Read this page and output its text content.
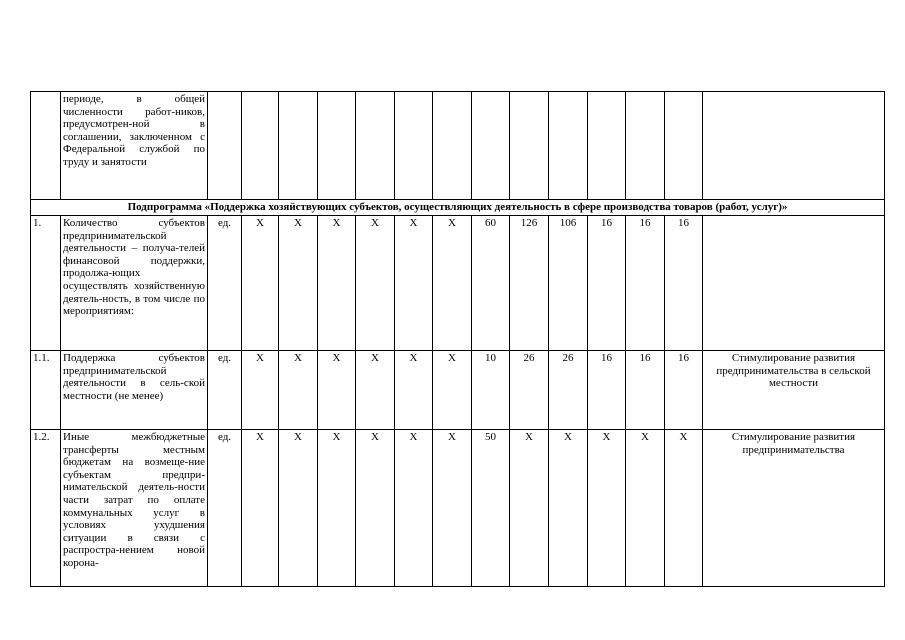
	периоде, в общей численности работ-ников, предусмотрен-ной в соглашении, заключенном с Федеральной службой по труду и занятости														
Подпрограмма «Поддержка хозяйствующих субъектов, осуществляющих деятельность в сфере производства товаров (работ, услуг)»															
1.	Количество субъектов предпринимательской деятельности – получа-телей финансовой поддержки, продолжа-ющих осуществлять хозяйственную деятель-ность, в том числе по мероприятиям:	ед.	Х	Х	Х	Х	Х	Х	60	126	106	16	16	16	
1.1.	Поддержка субъектов предпринимательской деятельности в сель-ской местности (не менее)	ед.	Х	Х	Х	Х	Х	Х	10	26	26	16	16	16	Стимулирование развития предпринимательства в сельской местности
1.2.	Иные межбюджетные трансферты местным бюджетам на возмеще-ние субъектам предпри-нимательской деятель-ности части затрат по оплате коммунальных услуг в условиях ухудшения ситуации в связи с распростра-нением новой корона-	ед.	Х	Х	Х	Х	Х	Х	50	Х	Х	Х	Х	Х	Стимулирование развития предпринимательства
